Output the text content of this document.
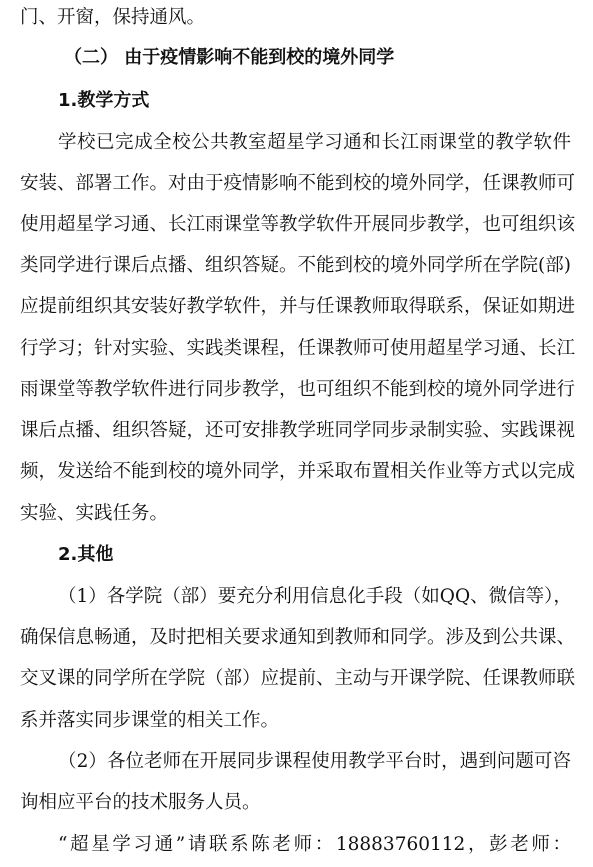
门、开窗，保持通风。
（二） 由于疫情影响不能到校的境外同学
1.教学方式
学校已完成全校公共教室超星学习通和长江雨课堂的教学软件
安装、部署工作。对由于疫情影响不能到校的境外同学，任课教师可
使用超星学习通、长江雨课堂等教学软件开展同步教学，也可组织该
类同学进行课后点播、组织答疑。不能到校的境外同学所在学院(部)
应提前组织其安装好教学软件，并与任课教师取得联系，保证如期进
行学习；针对实验、实践类课程，任课教师可使用超星学习通、长江
雨课堂等教学软件进行同步教学，也可组织不能到校的境外同学进行
课后点播、组织答疑，还可安排教学班同学同步录制实验、实践课视
频，发送给不能到校的境外同学，并采取布置相关作业等方式以完成
实验、实践任务。
2.其他
（1）各学院（部）要充分利用信息化手段（如QQ、微信等），
确保信息畅通，及时把相关要求通知到教师和同学。涉及到公共课、
交叉课的同学所在学院（部）应提前、主动与开课学院、任课教师联
系并落实同步课堂的相关工作。
（2）各位老师在开展同步课程使用教学平台时，遇到问题可咨
询相应平台的技术服务人员。
“超星学习通”请联系陈老师：18883760112，彭老师：
